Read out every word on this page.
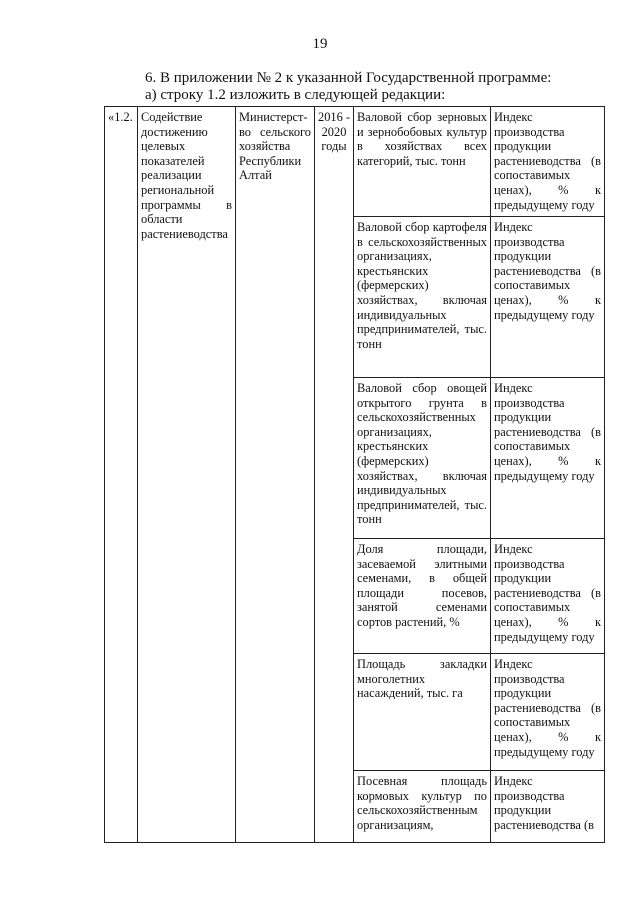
19
6. В приложении № 2 к указанной Государственной программе:
а) строку 1.2 изложить в следующей редакции:
«1.2.	Содействие достижению целевых показателей реализации региональной программы в области растениеводства	Министерст-во сельского хозяйства Республики Алтай	2016 - 2020 годы	Валовой сбор зерновых и зернобобовых культур в хозяйствах всех категорий, тыс. тонн	Индекс производства продукции растениеводства (в сопоставимых ценах), % к предыдущему году
				Валовой сбор картофеля в сельскохозяйственных организациях, крестьянских (фермерских) хозяйствах, включая индивидуальных предпринимателей, тыс. тонн	Индекс производства продукции растениеводства (в сопоставимых ценах), % к предыдущему году
				Валовой сбор овощей открытого грунта в сельскохозяйственных организациях, крестьянских (фермерских) хозяйствах, включая индивидуальных предпринимателей, тыс. тонн	Индекс производства продукции растениеводства (в сопоставимых ценах), % к предыдущему году
				Доля площади, засеваемой элитными семенами, в общей площади посевов, занятой семенами сортов растений, %	Индекс производства продукции растениеводства (в сопоставимых ценах), % к предыдущему году
				Площадь закладки многолетних насаждений, тыс. га	Индекс производства продукции растениеводства (в сопоставимых ценах), % к предыдущему году
				Посевная площадь кормовых культур по сельскохозяйственным организациям,	Индекс производства продукции растениеводства (в
